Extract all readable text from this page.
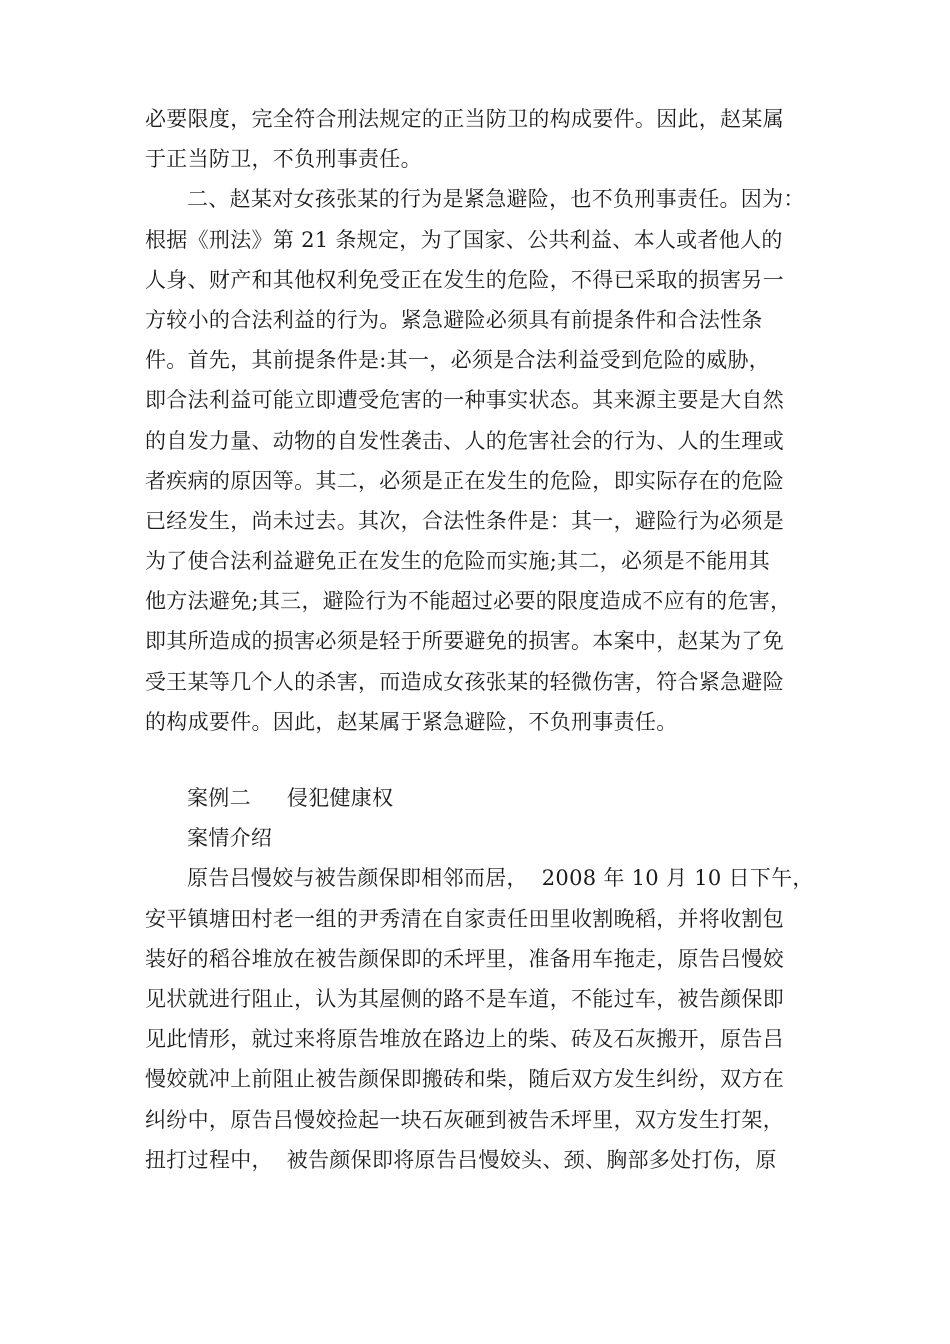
必要限度，完全符合刑法规定的正当防卫的构成要件。因此，赵某属
于正当防卫，不负刑事责任。
二、赵某对女孩张某的行为是紧急避险，也不负刑事责任。因为：
根据《刑法》第 21 条规定，为了国家、公共利益、本人或者他人的
人身、财产和其他权利免受正在发生的危险，不得已采取的损害另一
方较小的合法利益的行为。紧急避险必须具有前提条件和合法性条
件。首先，其前提条件是:其一，必须是合法利益受到危险的威胁，
即合法利益可能立即遭受危害的一种事实状态。其来源主要是大自然
的自发力量、动物的自发性袭击、人的危害社会的行为、人的生理或
者疾病的原因等。其二，必须是正在发生的危险，即实际存在的危险
已经发生，尚未过去。其次，合法性条件是：其一，避险行为必须是
为了使合法利益避免正在发生的危险而实施;其二，必须是不能用其
他方法避免;其三，避险行为不能超过必要的限度造成不应有的危害，
即其所造成的损害必须是轻于所要避免的损害。本案中，赵某为了免
受王某等几个人的杀害，而造成女孩张某的轻微伤害，符合紧急避险
的构成要件。因此，赵某属于紧急避险，不负刑事责任。
案例二 侵犯健康权
案情介绍
原告吕慢姣与被告颜保即相邻而居，  2008 年 10 月 10 日下午，
安平镇塘田村老一组的尹秀清在自家责任田里收割晚稻，并将收割包
装好的稻谷堆放在被告颜保即的禾坪里，准备用车拖走，原告吕慢姣
见状就进行阻止，认为其屋侧的路不是车道，不能过车，被告颜保即
见此情形，就过来将原告堆放在路边上的柴、砖及石灰搬开，原告吕
慢姣就冲上前阻止被告颜保即搬砖和柴，随后双方发生纠纷，双方在
纠纷中，原告吕慢姣捡起一块石灰砸到被告禾坪里，双方发生打架，
扭打过程中，  被告颜保即将原告吕慢姣头、颈、胸部多处打伤，原
